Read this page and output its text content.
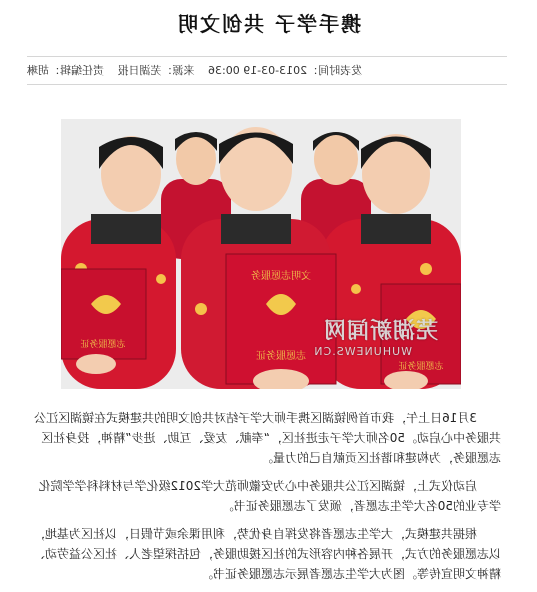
携手学子 共创文明
发表时间：2013-03-19 00:36 来源：芜湖日报 责任编辑：胡琳
志愿服务证
文明志愿服务
志愿服务证
志愿服务证
芜湖新闻网
WUHUNEWS.CN

3月16日上午，我市首例镜湖区携手师大学子结对共创文明的共建模式在镜湖区江公共服务中心启动。50名师大学子走进社区，“奉献、友爱、互助、进步”精神，投身社区志愿服务，为构建和谐社区贡献自己的力量。

启动仪式上，镜湖区江公共服务中心为安徽师范大学2012级化学与材料科学学院化学专业的50名大学生志愿者，颁发了志愿服务证书。

根据共建模式，大学生志愿者将发挥自身优势，利用课余或节假日，以社区为基地，以志愿服务的方式，开展各种内容形式的社区援助服务，包括探望老人、社区公益劳动、精神文明宣传等。图为大学生志愿者展示志愿服务证书。
